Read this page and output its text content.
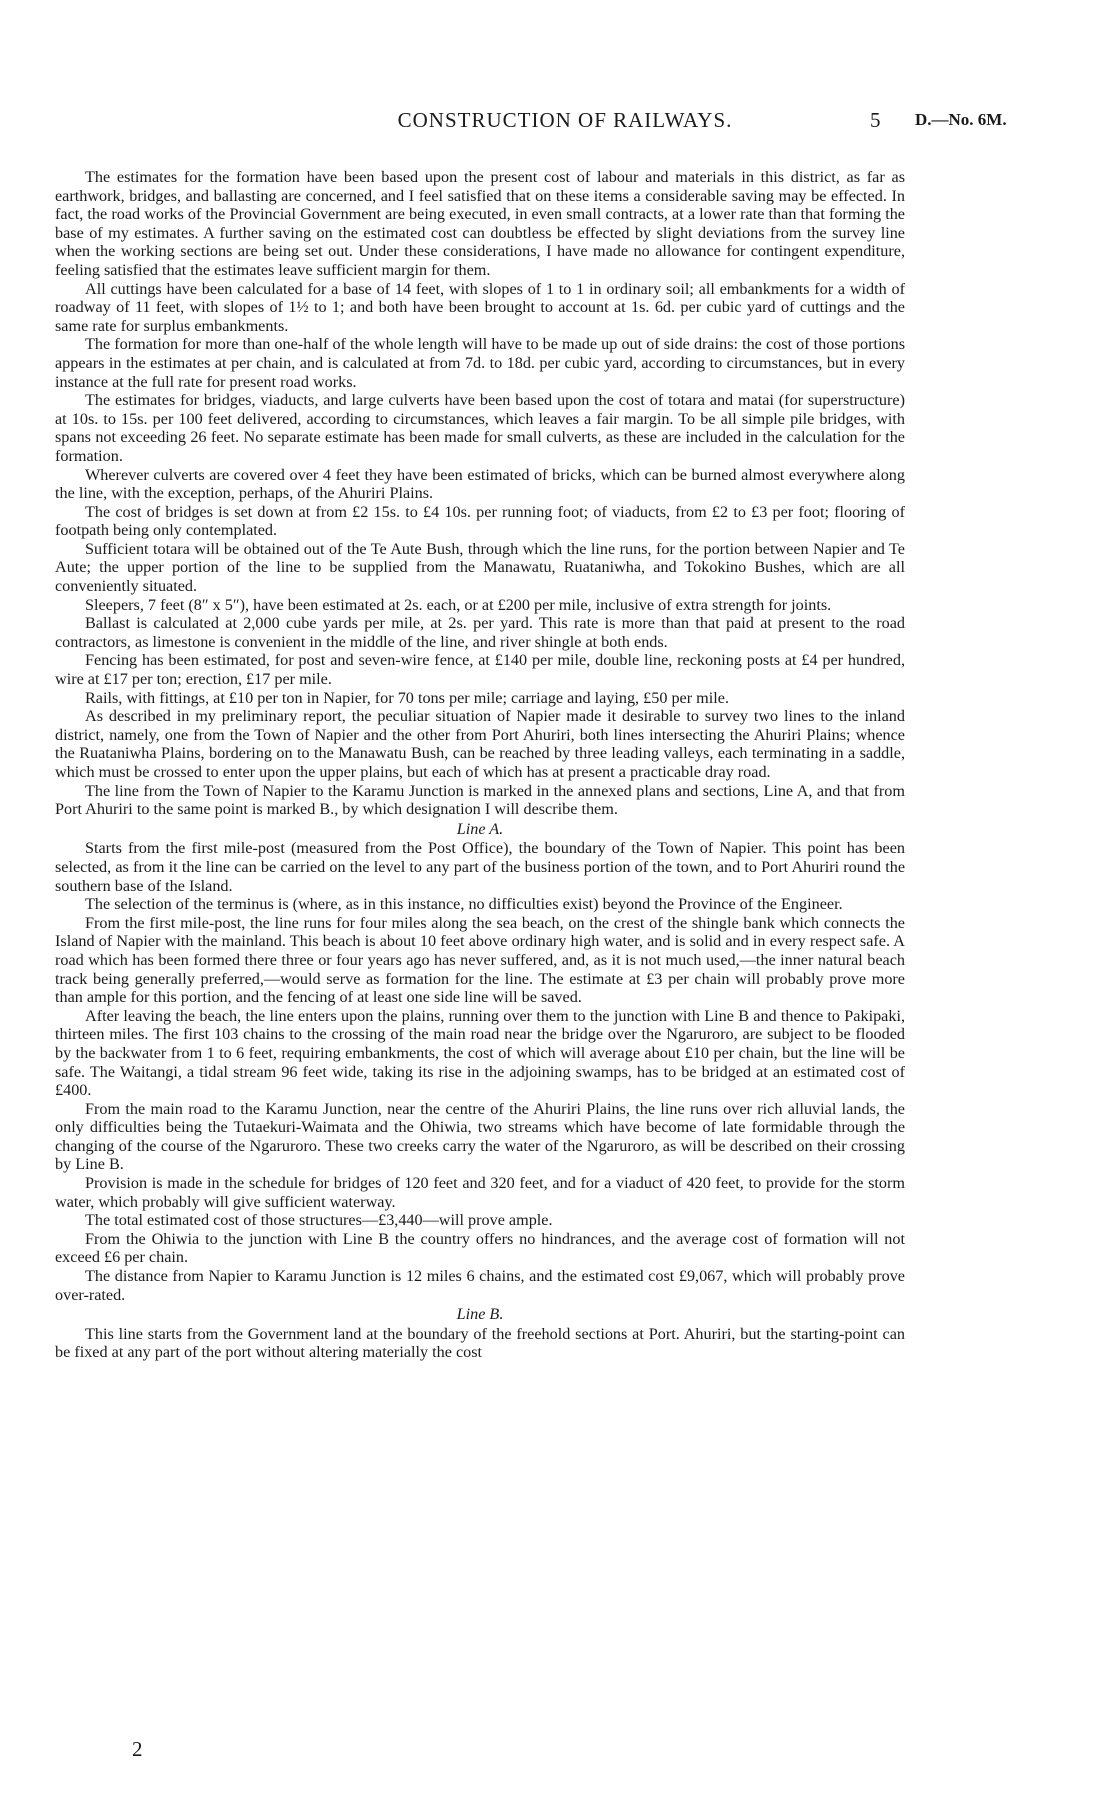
CONSTRUCTION OF RAILWAYS.	5 D.—No. 6M.

The estimates for the formation have been based upon the present cost of labour and materials in this district, as far as earthwork, bridges, and ballasting are concerned, and I feel satisfied that on these items a considerable saving may be effected. In fact, the road works of the Provincial Government are being executed, in even small contracts, at a lower rate than that forming the base of my estimates. A further saving on the estimated cost can doubtless be effected by slight deviations from the survey line when the working sections are being set out. Under these considerations, I have made no allowance for contingent expenditure, feeling satisfied that the estimates leave sufficient margin for them.

All cuttings have been calculated for a base of 14 feet, with slopes of 1 to 1 in ordinary soil; all embankments for a width of roadway of 11 feet, with slopes of 1½ to 1; and both have been brought to account at 1s. 6d. per cubic yard of cuttings and the same rate for surplus embankments.

The formation for more than one-half of the whole length will have to be made up out of side drains: the cost of those portions appears in the estimates at per chain, and is calculated at from 7d. to 18d. per cubic yard, according to circumstances, but in every instance at the full rate for present road works.

The estimates for bridges, viaducts, and large culverts have been based upon the cost of totara and matai (for superstructure) at 10s. to 15s. per 100 feet delivered, according to circumstances, which leaves a fair margin. To be all simple pile bridges, with spans not exceeding 26 feet. No separate estimate has been made for small culverts, as these are included in the calculation for the formation.

Wherever culverts are covered over 4 feet they have been estimated of bricks, which can be burned almost everywhere along the line, with the exception, perhaps, of the Ahuriri Plains.

The cost of bridges is set down at from £2 15s. to £4 10s. per running foot; of viaducts, from £2 to £3 per foot; flooring of footpath being only contemplated.

Sufficient totara will be obtained out of the Te Aute Bush, through which the line runs, for the portion between Napier and Te Aute; the upper portion of the line to be supplied from the Manawatu, Ruataniwha, and Tokokino Bushes, which are all conveniently situated.

Sleepers, 7 feet (8″ x 5″), have been estimated at 2s. each, or at £200 per mile, inclusive of extra strength for joints.

Ballast is calculated at 2,000 cube yards per mile, at 2s. per yard. This rate is more than that paid at present to the road contractors, as limestone is convenient in the middle of the line, and river shingle at both ends.

Fencing has been estimated, for post and seven-wire fence, at £140 per mile, double line, reckoning posts at £4 per hundred, wire at £17 per ton; erection, £17 per mile.

Rails, with fittings, at £10 per ton in Napier, for 70 tons per mile; carriage and laying, £50 per mile.

As described in my preliminary report, the peculiar situation of Napier made it desirable to survey two lines to the inland district, namely, one from the Town of Napier and the other from Port Ahuriri, both lines intersecting the Ahuriri Plains; whence the Ruataniwha Plains, bordering on to the Manawatu Bush, can be reached by three leading valleys, each terminating in a saddle, which must be crossed to enter upon the upper plains, but each of which has at present a practicable dray road.

The line from the Town of Napier to the Karamu Junction is marked in the annexed plans and sections, Line A, and that from Port Ahuriri to the same point is marked B., by which designation I will describe them.

Line A.

Starts from the first mile-post (measured from the Post Office), the boundary of the Town of Napier. This point has been selected, as from it the line can be carried on the level to any part of the business portion of the town, and to Port Ahuriri round the southern base of the Island.

The selection of the terminus is (where, as in this instance, no difficulties exist) beyond the Province of the Engineer.

From the first mile-post, the line runs for four miles along the sea beach, on the crest of the shingle bank which connects the Island of Napier with the mainland. This beach is about 10 feet above ordinary high water, and is solid and in every respect safe. A road which has been formed there three or four years ago has never suffered, and, as it is not much used,—the inner natural beach track being generally preferred,—would serve as formation for the line. The estimate at £3 per chain will probably prove more than ample for this portion, and the fencing of at least one side line will be saved.

After leaving the beach, the line enters upon the plains, running over them to the junction with Line B and thence to Pakipaki, thirteen miles. The first 103 chains to the crossing of the main road near the bridge over the Ngaruroro, are subject to be flooded by the backwater from 1 to 6 feet, requiring embankments, the cost of which will average about £10 per chain, but the line will be safe. The Waitangi, a tidal stream 96 feet wide, taking its rise in the adjoining swamps, has to be bridged at an estimated cost of £400.

From the main road to the Karamu Junction, near the centre of the Ahuriri Plains, the line runs over rich alluvial lands, the only difficulties being the Tutaekuri-Waimata and the Ohiwia, two streams which have become of late formidable through the changing of the course of the Ngaruroro. These two creeks carry the water of the Ngaruroro, as will be described on their crossing by Line B.

Provision is made in the schedule for bridges of 120 feet and 320 feet, and for a viaduct of 420 feet, to provide for the storm water, which probably will give sufficient waterway.

The total estimated cost of those structures—£3,440—will prove ample.

From the Ohiwia to the junction with Line B the country offers no hindrances, and the average cost of formation will not exceed £6 per chain.

The distance from Napier to Karamu Junction is 12 miles 6 chains, and the estimated cost £9,067, which will probably prove over-rated.

Line B.

This line starts from the Government land at the boundary of the freehold sections at Port. Ahuriri, but the starting-point can be fixed at any part of the port without altering materially the cost

2
